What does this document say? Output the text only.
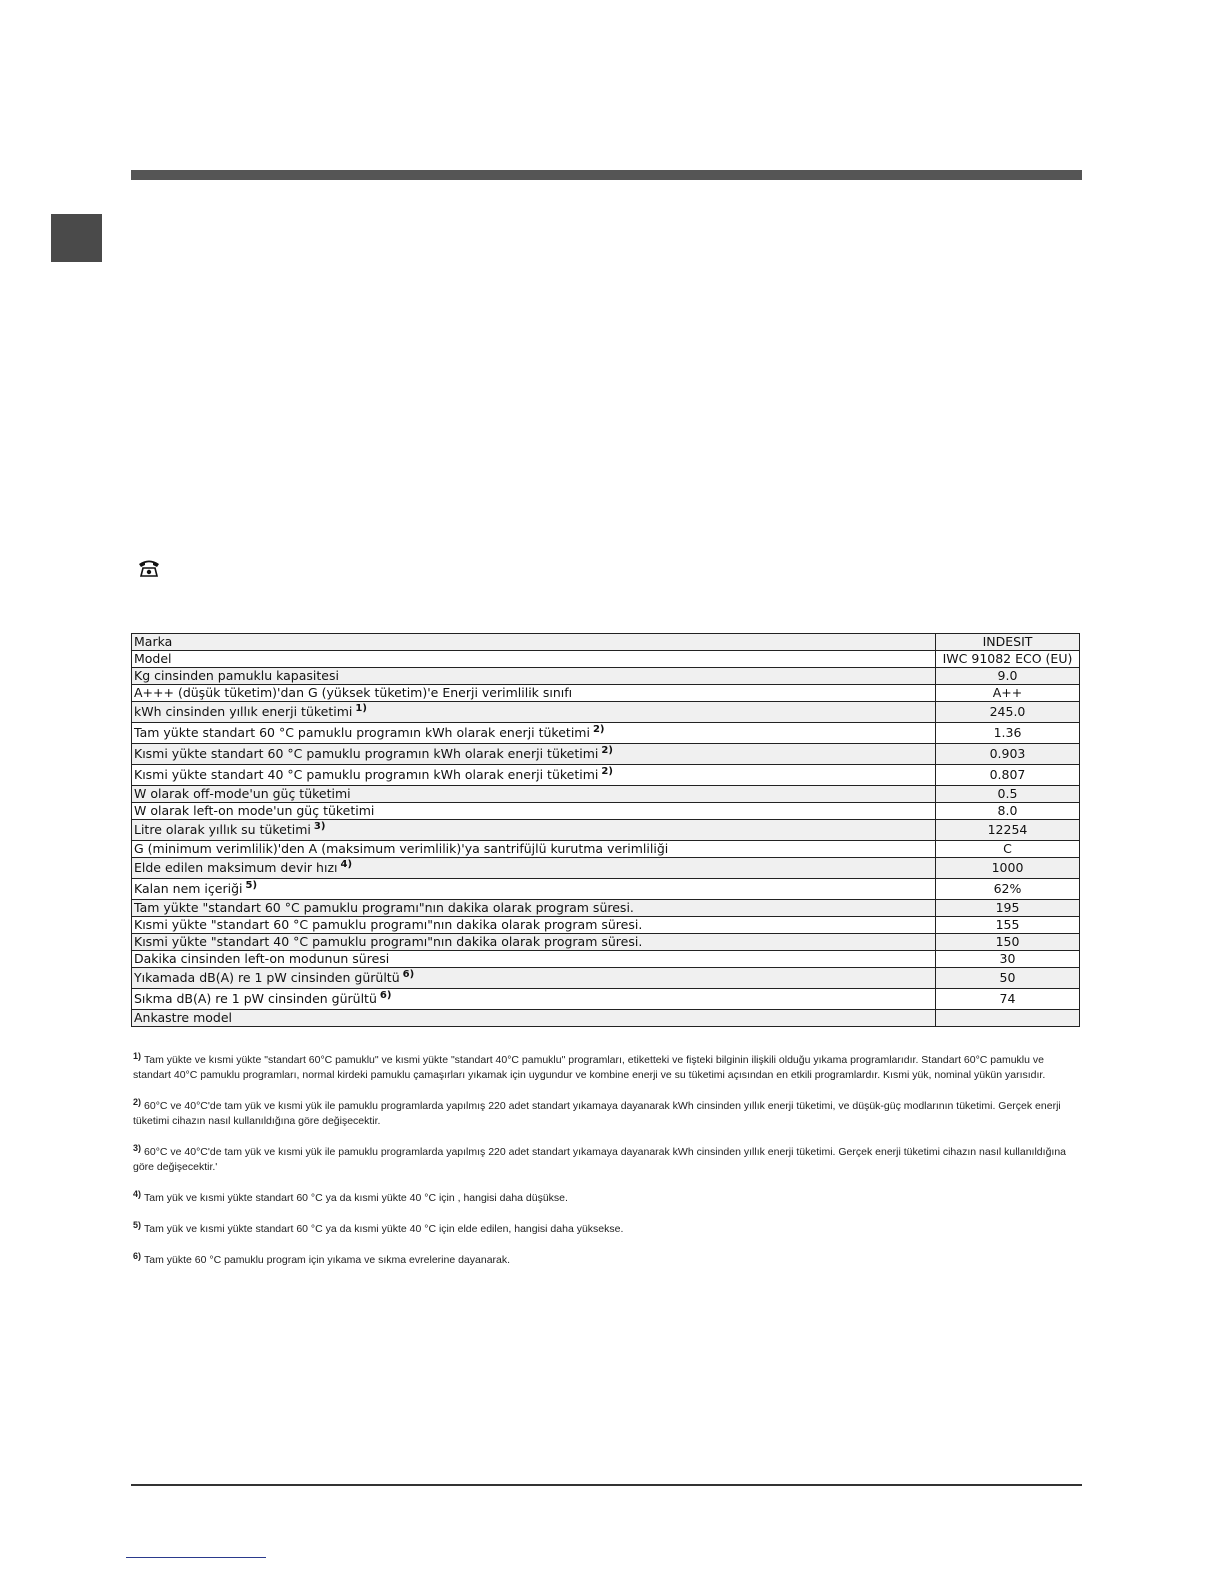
Marka	INDESIT
Model	IWC 91082 ECO (EU)
Kg cinsinden pamuklu kapasitesi	9.0
A+++ (düşük tüketim)'dan G (yüksek tüketim)'e Enerji verimlilik sınıfı	A++
kWh cinsinden yıllık enerji tüketimi $^{1)}$	245.0
Tam yükte standart 60 °C pamuklu programın kWh olarak enerji tüketimi $^{2)}$	1.36
Kısmi yükte standart 60 °C pamuklu programın kWh olarak enerji tüketimi $^{2)}$	0.903
Kısmi yükte standart 40 °C pamuklu programın kWh olarak enerji tüketimi $^{2)}$	0.807
W olarak off-mode'un güç tüketimi	0.5
W olarak left-on mode'un güç tüketimi	8.0
Litre olarak yıllık su tüketimi $^{3)}$	12254
G (minimum verimlilik)'den A (maksimum verimlilik)'ya santrifüjlü kurutma verimliliği	C
Elde edilen maksimum devir hızı $^{4)}$	1000
Kalan nem içeriği $^{5)}$	62%
Tam yükte "standart 60 °C pamuklu programı"nın dakika olarak program süresi.	195
Kısmi yükte "standart 60 °C pamuklu programı"nın dakika olarak program süresi.	155
Kısmi yükte "standart 40 °C pamuklu programı"nın dakika olarak program süresi.	150
Dakika cinsinden left-on modunun süresi	30
Yıkamada dB(A) re 1 pW cinsinden gürültü $^{6)}$	50
Sıkma dB(A) re 1 pW cinsinden gürültü $^{6)}$	74
Ankastre model	

$^{1)}$ Tam yükte ve kısmi yükte "standart 60°C pamuklu" ve kısmi yükte "standart 40°C pamuklu" programları, etiketteki ve fişteki bilginin ilişkili olduğu yıkama programlarıdır. Standart 60°C pamuklu ve standart 40°C pamuklu programları, normal kirdeki pamuklu çamaşırları yıkamak için uygundur ve kombine enerji ve su tüketimi açısından en etkili programlardır. Kısmi yük, nominal yükün yarısıdır.

$^{2)}$ 60°C ve 40°C'de tam yük ve kısmi yük ile pamuklu programlarda yapılmış 220 adet standart yıkamaya dayanarak kWh cinsinden yıllık enerji tüketimi, ve düşük-güç modlarının tüketimi. Gerçek enerji tüketimi cihazın nasıl kullanıldığına göre değişecektir.

$^{3)}$ 60°C ve 40°C'de tam yük ve kısmi yük ile pamuklu programlarda yapılmış 220 adet standart yıkamaya dayanarak kWh cinsinden yıllık enerji tüketimi. Gerçek enerji tüketimi cihazın nasıl kullanıldığına göre değişecektir.'

$^{4)}$ Tam yük ve kısmi yükte standart 60 °C ya da kısmi yükte 40 °C için , hangisi daha düşükse.

$^{5)}$ Tam yük ve kısmi yükte standart 60 °C ya da kısmi yükte 40 °C için elde edilen, hangisi daha yüksekse.

$^{6)}$ Tam yükte 60 °C pamuklu program için yıkama ve sıkma evrelerine dayanarak.
